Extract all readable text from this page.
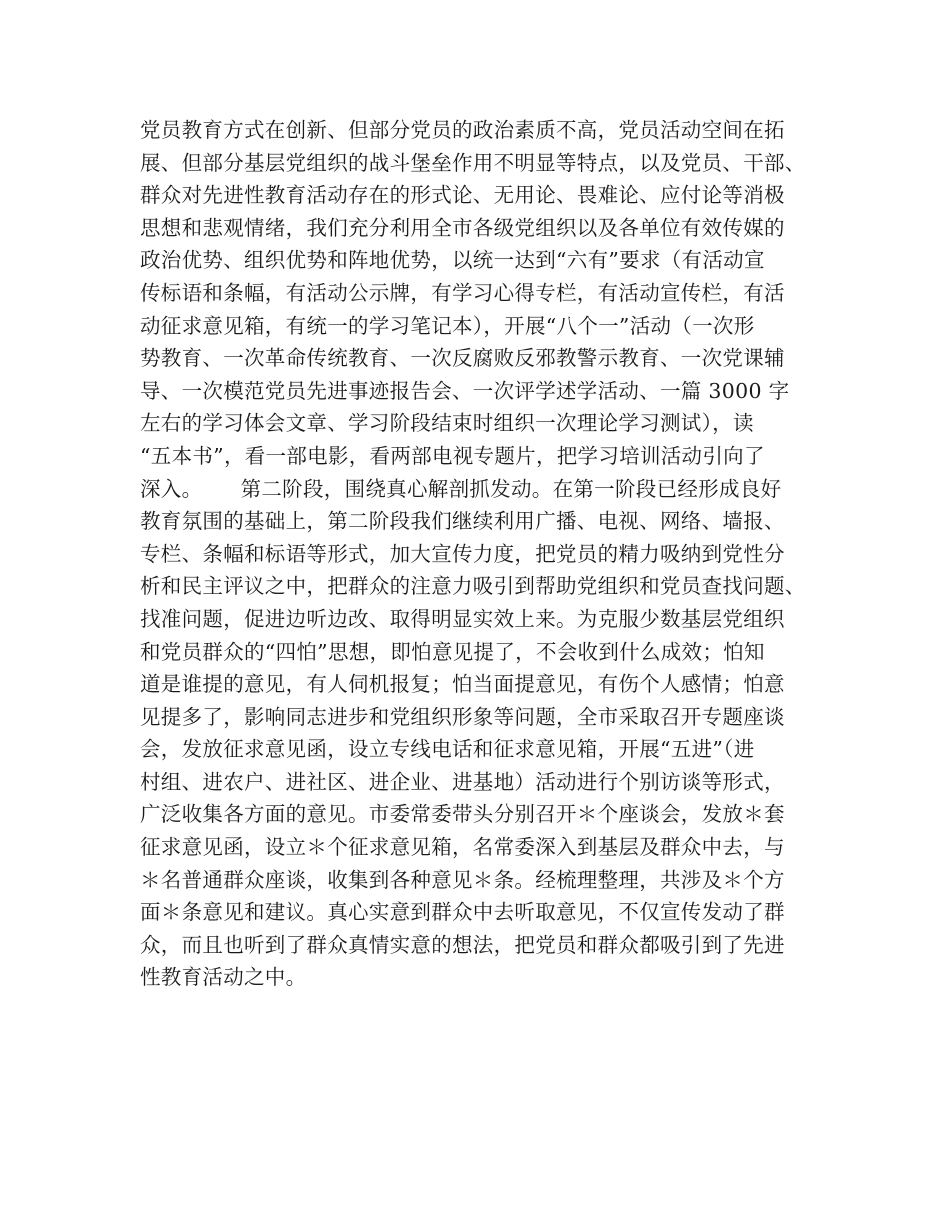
党员教育方式在创新、但部分党员的政治素质不高，党员活动空间在拓
展、但部分基层党组织的战斗堡垒作用不明显等特点，以及党员、干部、
群众对先进性教育活动存在的形式论、无用论、畏难论、应付论等消极
思想和悲观情绪，我们充分利用全市各级党组织以及各单位有效传媒的
政治优势、组织优势和阵地优势，以统一达到“六有”要求（有活动宣
传标语和条幅，有活动公示牌，有学习心得专栏，有活动宣传栏，有活
动征求意见箱，有统一的学习笔记本），开展“八个一”活动（一次形
势教育、一次革命传统教育、一次反腐败反邪教警示教育、一次党课辅
导、一次模范党员先进事迹报告会、一次评学述学活动、一篇 3000 字
左右的学习体会文章、学习阶段结束时组织一次理论学习测试），读
“五本书”，看一部电影，看两部电视专题片，把学习培训活动引向了
深入。　　 第二阶段，围绕真心解剖抓发动。在第一阶段已经形成良好
教育氛围的基础上，第二阶段我们继续利用广播、电视、网络、墙报、
专栏、条幅和标语等形式，加大宣传力度，把党员的精力吸纳到党性分
析和民主评议之中，把群众的注意力吸引到帮助党组织和党员查找问题、
找准问题，促进边听边改、取得明显实效上来。为克服少数基层党组织
和党员群众的“四怕”思想，即怕意见提了，不会收到什么成效；怕知
道是谁提的意见，有人伺机报复；怕当面提意见，有伤个人感情；怕意
见提多了，影响同志进步和党组织形象等问题，全市采取召开专题座谈
会，发放征求意见函，设立专线电话和征求意见箱，开展“五进”（进
村组、进农户、进社区、进企业、进基地）活动进行个别访谈等形式，
广泛收集各方面的意见。市委常委带头分别召开＊个座谈会，发放＊套
征求意见函，设立＊个征求意见箱，名常委深入到基层及群众中去，与
＊名普通群众座谈，收集到各种意见＊条。经梳理整理，共涉及＊个方
面＊条意见和建议。真心实意到群众中去听取意见，不仅宣传发动了群
众，而且也听到了群众真情实意的想法，把党员和群众都吸引到了先进
性教育活动之中。
